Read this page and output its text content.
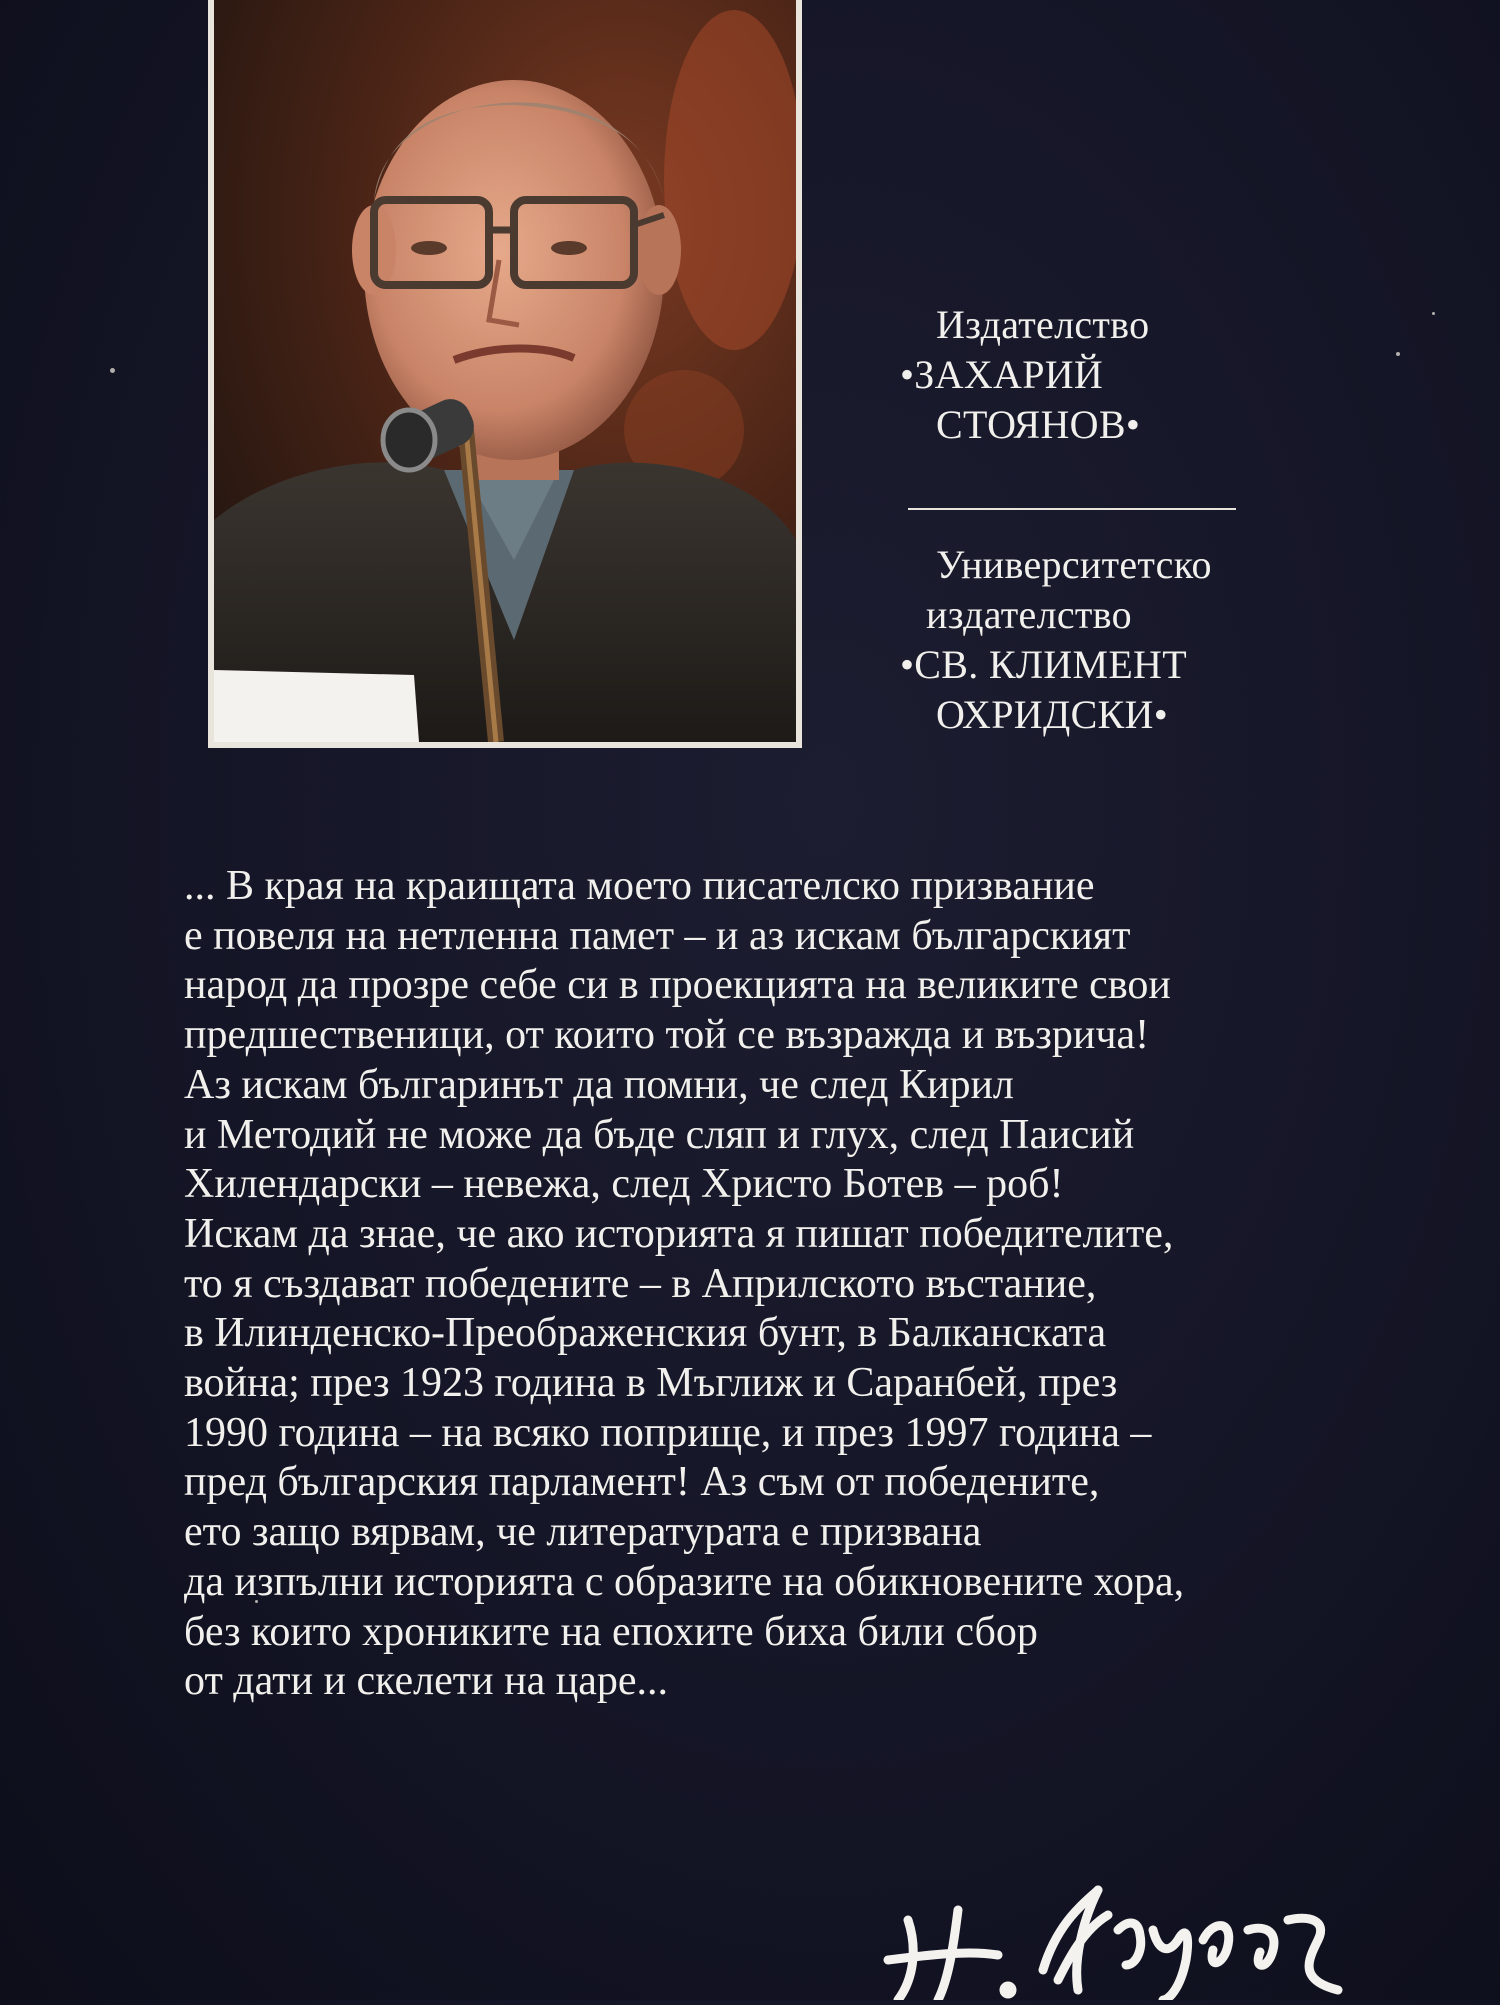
Издателство
•ЗАХАРИЙ
СТОЯНОВ•
Университетско
издателство
•СВ. КЛИМЕНТ
ОХРИДСКИ•
... В края на краищата моето писателско призвание
е повеля на нетленна памет – и аз искам българският
народ да прозре себе си в проекцията на великите свои
предшественици, от които той се възражда и възрича!
Аз искам българинът да помни, че след Кирил
и Методий не може да бъде сляп и глух, след Паисий
Хилендарски – невежа, след Христо Ботев – роб!
Искам да знае, че ако историята я пишат победителите,
то я създават победените – в Априлското въстание,
в Илинденско-Преображенския бунт, в Балканската
война; през 1923 година в Мъглиж и Саранбей, през
1990 година – на всяко поприще, и през 1997 година –
пред българския парламент! Аз съм от победените,
ето защо вярвам, че литературата е призвана
да изпълни историята с образите на обикновените хора,
без които хрониките на епохите биха били сбор
от дати и скелети на царе...
